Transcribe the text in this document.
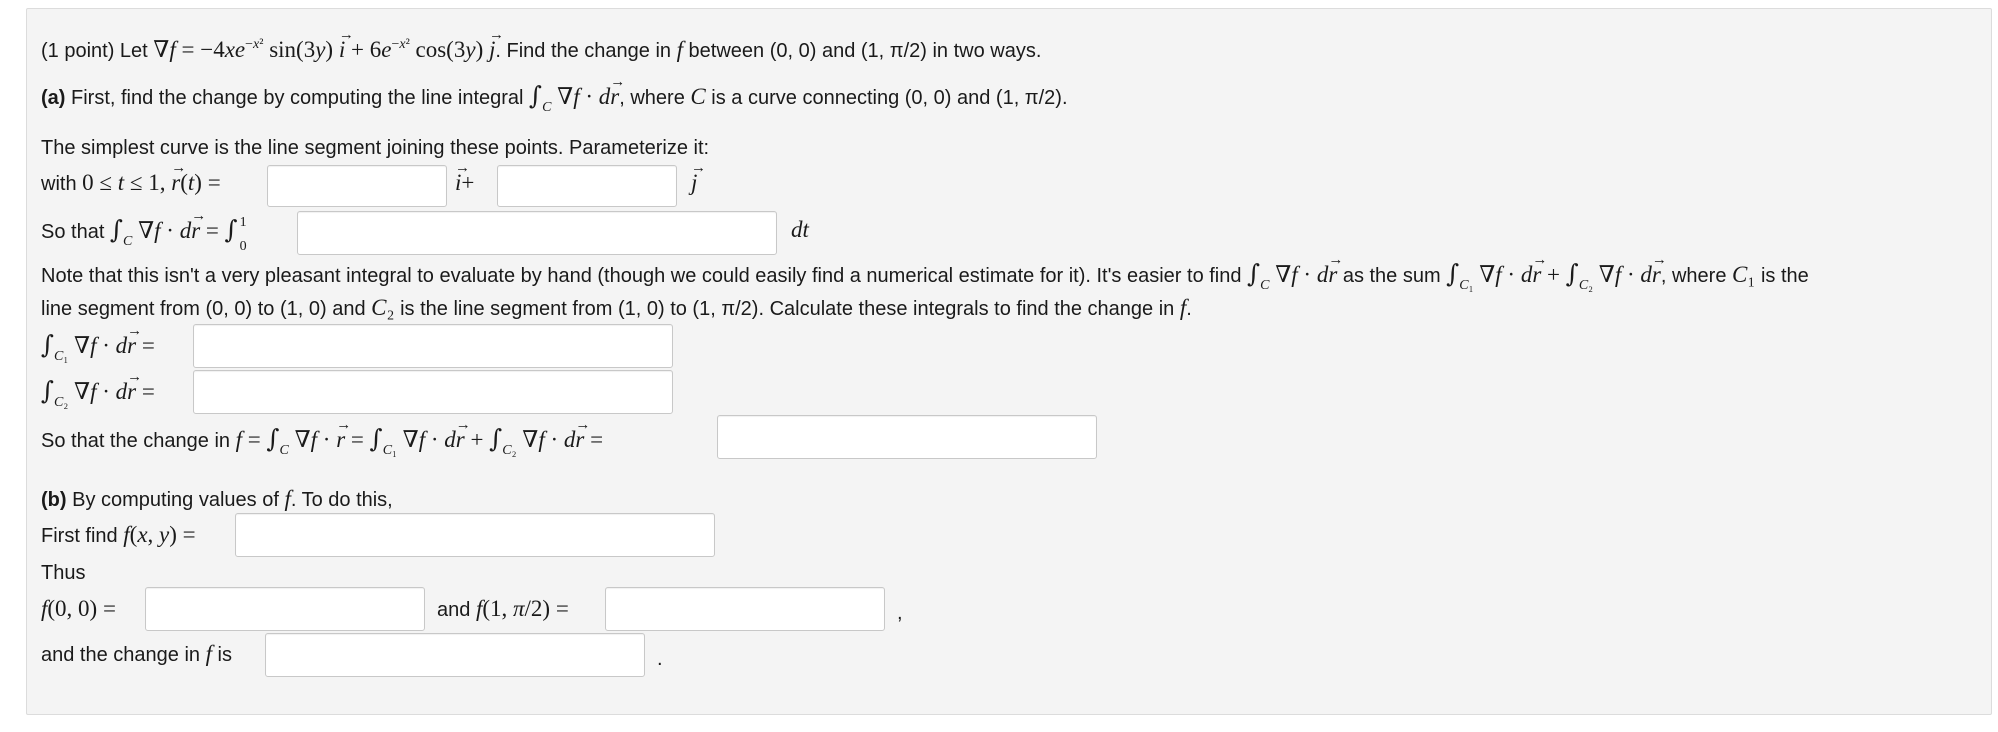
(1 point) Let $\nabla f = -4xe^{-x^2}$ $\sin(3y) \to i + 6e^{-x^2}$ cos(3y) → j. Find the change in f between (0, 0) and (1, π/2) in two ways.
(a) First, find the change by computing the line integral $\int_C$ ∇f · d→ r, where C is a curve connecting (0, 0) and (1, π/2).
The simplest curve is the line segment joining these points. Parameterize it:
with 0 ≤ t ≤ 1, → r(t) =	→ i+	→ j
So that $\int_C$ ∇f · d→ r = ∫ 1
0
dt
Note that this isn't a very pleasant integral to evaluate by hand (though we could easily find a numerical estimate for it). It's easier to find $\int_C$ ∇f · d→ r as the sum $\int_{C_1}$ $\nabla f \cdot d\to r + \int_{C_2}$ ∇f · d→ r, where C₁ is the
line segment from (0, 0) to (1, 0) and C₂ is the line segment from (1, 0) to (1, π/2). Calculate these integrals to find the change in f.
$\int_{C_1}$ ∇f · d→ r =
$\int_{C_2}$ ∇f · d→ r =
So that the change in $f = \int_C$ ∇f · → $r = \int_{C_1}$ $\nabla f \cdot d\to r + \int_{C_2}$ ∇f · d→ r =
(b) By computing values of f. To do this,
First find f(x, y) =
Thus
f(0, 0) =	and f(1, π/2) =	,
and the change in f is	.
